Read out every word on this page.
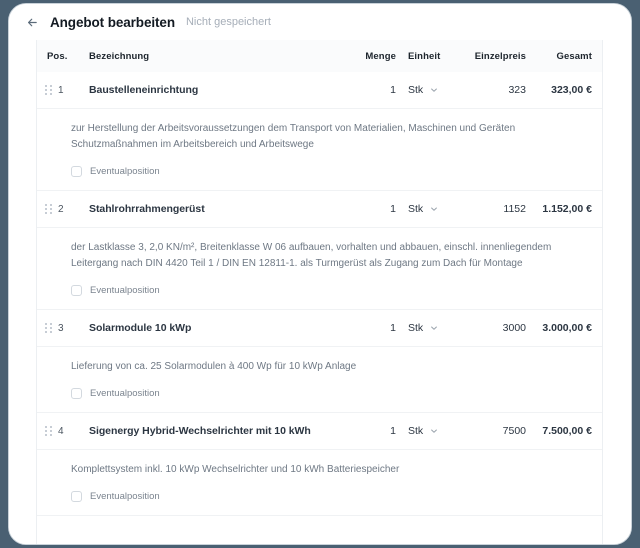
Angebot bearbeiten Nicht gespeichert
Pos.	Bezeichnung	Menge	Einheit	Einzelpreis	Gesamt

1	Baustelleneinrichtung	1	Stk	323	323,00 €

zur Herstellung der Arbeitsvoraussetzungen dem Transport von Materialien, Maschinen und Geräten Schutzmaßnahmen im Arbeitsbereich und Arbeitswege
Eventualposition					

2	Stahlrohrrahmengerüst	1	Stk	1152	1.152,00 €

der Lastklasse 3, 2,0 KN/m², Breitenklasse W 06 aufbauen, vorhalten und abbauen, einschl. innenliegendem Leitergang nach DIN 4420 Teil 1 / DIN EN 12811-1. als Turmgerüst als Zugang zum Dach für Montage
Eventualposition					

3	Solarmodule 10 kWp	1	Stk	3000	3.000,00 €

Lieferung von ca. 25 Solarmodulen à 400 Wp für 10 kWp Anlage
Eventualposition					

4	Sigenergy Hybrid-Wechselrichter mit 10 kWh	1	Stk	7500	7.500,00 €

Komplettsystem inkl. 10 kWp Wechselrichter und 10 kWh Batteriespeicher
Eventualposition					
